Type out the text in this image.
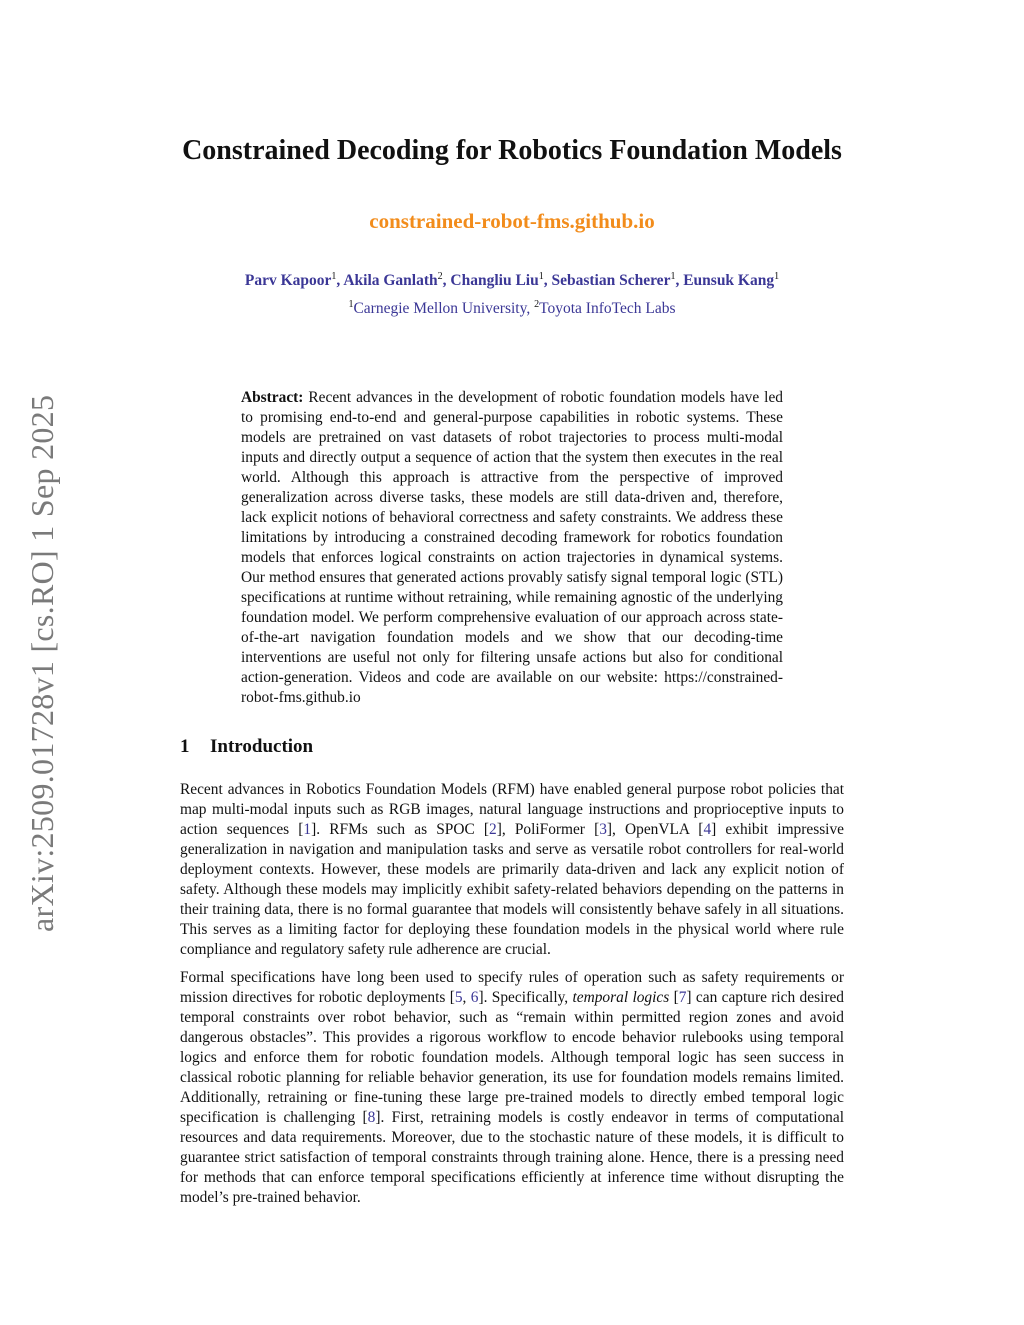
arXiv:2509.01728v1 [cs.RO] 1 Sep 2025
Constrained Decoding for Robotics Foundation Models
constrained-robot-fms.github.io
Parv Kapoor$^1$, Akila Ganlath$^2$, Changliu Liu$^1$, Sebastian Scherer$^1$, Eunsuk Kang$^1$
$^1$Carnegie Mellon University, $^2$Toyota InfoTech Labs

Abstract: Recent advances in the development of robotic foundation models have led to promising end-to-end and general-purpose capabilities in robotic systems. These models are pretrained on vast datasets of robot trajectories to process multi-modal inputs and directly output a sequence of action that the system then executes in the real world. Although this approach is attractive from the perspective of improved generalization across diverse tasks, these models are still data-driven and, therefore, lack explicit notions of behavioral correctness and safety constraints. We address these limitations by introducing a constrained decoding framework for robotics foundation models that enforces logical constraints on action trajectories in dynamical systems. Our method ensures that generated actions provably satisfy signal temporal logic (STL) specifications at runtime without retraining, while remaining agnostic of the underlying foundation model. We perform comprehensive evaluation of our approach across state-of-the-art navigation foundation models and we show that our decoding-time interventions are useful not only for filtering unsafe actions but also for conditional action-generation. Videos and code are available on our website: https://constrained-robot-fms.github.io

1 Introduction

Recent advances in Robotics Foundation Models (RFM) have enabled general purpose robot policies that map multi-modal inputs such as RGB images, natural language instructions and proprioceptive inputs to action sequences [1]. RFMs such as SPOC [2], PoliFormer [3], OpenVLA [4] exhibit impressive generalization in navigation and manipulation tasks and serve as versatile robot controllers for real-world deployment contexts. However, these models are primarily data-driven and lack any explicit notion of safety. Although these models may implicitly exhibit safety-related behaviors depending on the patterns in their training data, there is no formal guarantee that models will consistently behave safely in all situations. This serves as a limiting factor for deploying these foundation models in the physical world where rule compliance and regulatory safety rule adherence are crucial.

Formal specifications have long been used to specify rules of operation such as safety requirements or mission directives for robotic deployments [5, 6]. Specifically, temporal logics [7] can capture rich desired temporal constraints over robot behavior, such as “remain within permitted region zones and avoid dangerous obstacles”. This provides a rigorous workflow to encode behavior rulebooks using temporal logics and enforce them for robotic foundation models. Although temporal logic has seen success in classical robotic planning for reliable behavior generation, its use for foundation models remains limited. Additionally, retraining or fine-tuning these large pre-trained models to directly embed temporal logic specification is challenging [8]. First, retraining models is costly endeavor in terms of computational resources and data requirements. Moreover, due to the stochastic nature of these models, it is difficult to guarantee strict satisfaction of temporal constraints through training alone. Hence, there is a pressing need for methods that can enforce temporal specifications efficiently at inference time without disrupting the model’s pre-trained behavior.
